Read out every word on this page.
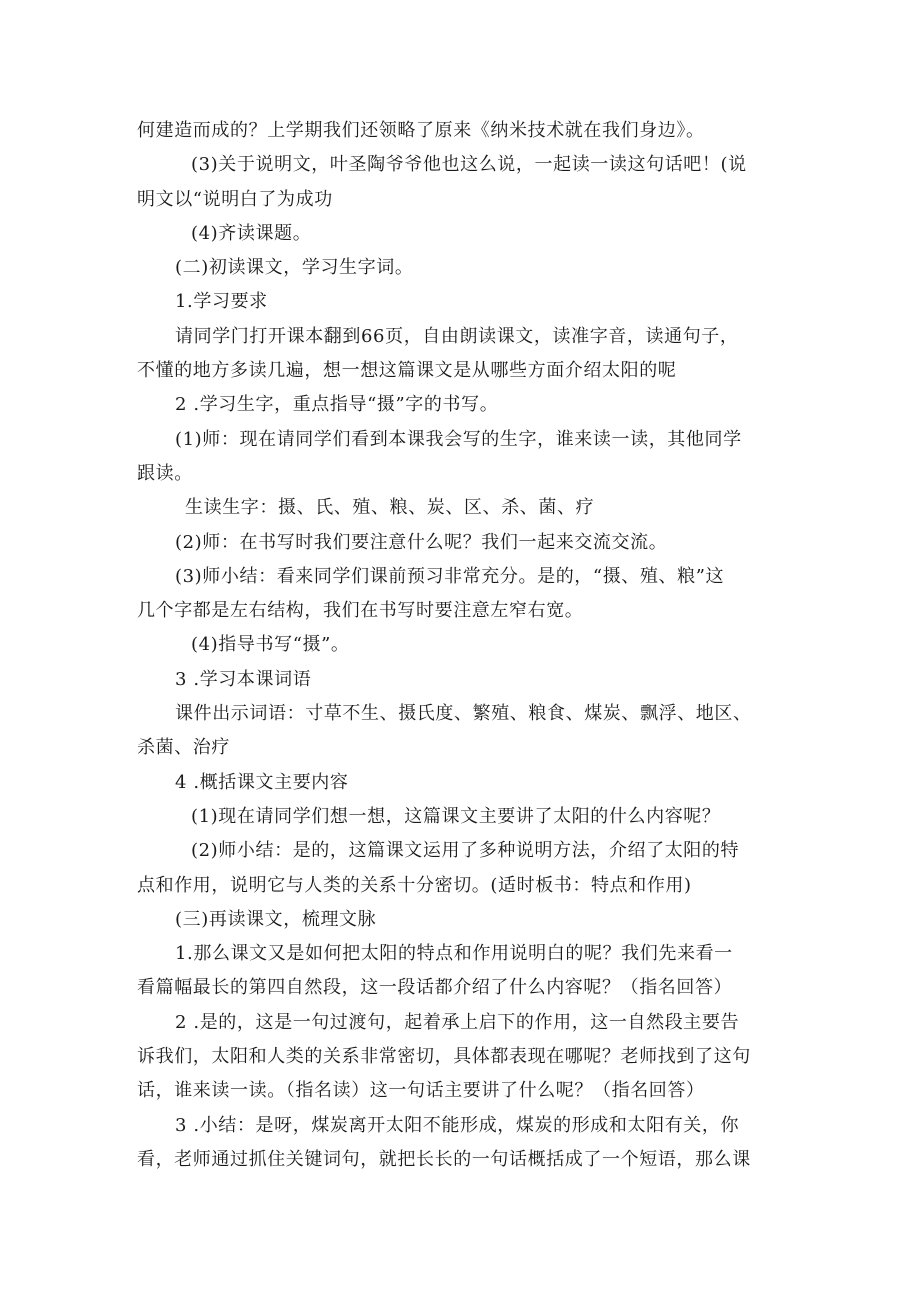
何建造而成的？上学期我们还领略了原来《纳米技术就在我们身边》。
(3)关于说明文，叶圣陶爷爷他也这么说，一起读一读这句话吧！(说
明文以“说明白了为成功
(4)齐读课题。
(二)初读课文，学习生字词。
1.学习要求
请同学门打开课本翻到66页，自由朗读课文，读准字音，读通句子，
不懂的地方多读几遍，想一想这篇课文是从哪些方面介绍太阳的呢
2 .学习生字，重点指导“摄”字的书写。
(1)师：现在请同学们看到本课我会写的生字，谁来读一读，其他同学
跟读。
生读生字：摄、氏、殖、粮、炭、区、杀、菌、疗
(2)师：在书写时我们要注意什么呢？我们一起来交流交流。
(3)师小结：看来同学们课前预习非常充分。是的，“摄、殖、粮”这
几个字都是左右结构，我们在书写时要注意左窄右宽。
(4)指导书写“摄”。
3 .学习本课词语
课件出示词语：寸草不生、摄氏度、繁殖、粮食、煤炭、飘浮、地区、
杀菌、治疗
4 .概括课文主要内容
(1)现在请同学们想一想，这篇课文主要讲了太阳的什么内容呢？
(2)师小结：是的，这篇课文运用了多种说明方法，介绍了太阳的特
点和作用，说明它与人类的关系十分密切。(适时板书：特点和作用)
(三)再读课文，梳理文脉
1.那么课文又是如何把太阳的特点和作用说明白的呢？我们先来看一
看篇幅最长的第四自然段，这一段话都介绍了什么内容呢？（指名回答）
2 .是的，这是一句过渡句，起着承上启下的作用，这一自然段主要告
诉我们，太阳和人类的关系非常密切，具体都表现在哪呢？老师找到了这句
话，谁来读一读。（指名读）这一句话主要讲了什么呢？（指名回答）
3 .小结：是呀，煤炭离开太阳不能形成，煤炭的形成和太阳有关，你
看，老师通过抓住关键词句，就把长长的一句话概括成了一个短语，那么课
